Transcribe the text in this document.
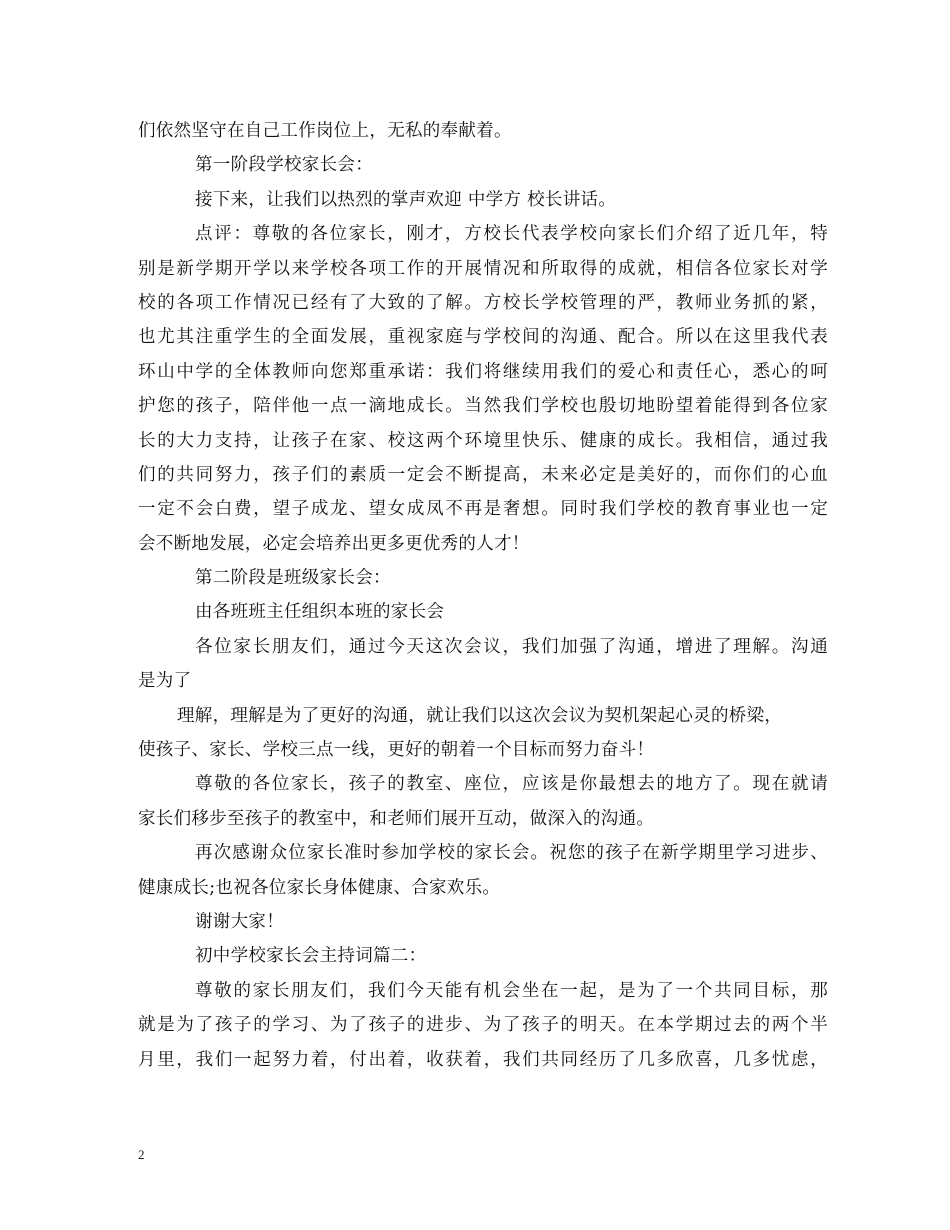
们依然坚守在自己工作岗位上，无私的奉献着。
第一阶段学校家长会：
接下来，让我们以热烈的掌声欢迎 中学方 校长讲话。
点评：尊敬的各位家长，刚才，方校长代表学校向家长们介绍了近几年，特
别是新学期开学以来学校各项工作的开展情况和所取得的成就，相信各位家长对学
校的各项工作情况已经有了大致的了解。方校长学校管理的严，教师业务抓的紧，
也尤其注重学生的全面发展，重视家庭与学校间的沟通、配合。所以在这里我代表
环山中学的全体教师向您郑重承诺：我们将继续用我们的爱心和责任心，悉心的呵
护您的孩子，陪伴他一点一滴地成长。当然我们学校也殷切地盼望着能得到各位家
长的大力支持，让孩子在家、校这两个环境里快乐、健康的成长。我相信，通过我
们的共同努力，孩子们的素质一定会不断提高，未来必定是美好的，而你们的心血
一定不会白费，望子成龙、望女成凤不再是奢想。同时我们学校的教育事业也一定
会不断地发展，必定会培养出更多更优秀的人才！
第二阶段是班级家长会：
由各班班主任组织本班的家长会
各位家长朋友们，通过今天这次会议，我们加强了沟通，增进了理解。沟通
是为了
理解，理解是为了更好的沟通，就让我们以这次会议为契机架起心灵的桥梁，
使孩子、家长、学校三点一线，更好的朝着一个目标而努力奋斗！
尊敬的各位家长，孩子的教室、座位，应该是你最想去的地方了。现在就请
家长们移步至孩子的教室中，和老师们展开互动，做深入的沟通。
再次感谢众位家长准时参加学校的家长会。祝您的孩子在新学期里学习进步、
健康成长;也祝各位家长身体健康、合家欢乐。
谢谢大家！
初中学校家长会主持词篇二：
尊敬的家长朋友们，我们今天能有机会坐在一起，是为了一个共同目标，那
就是为了孩子的学习、为了孩子的进步、为了孩子的明天。在本学期过去的两个半
月里，我们一起努力着，付出着，收获着，我们共同经历了几多欣喜，几多忧虑，
2
